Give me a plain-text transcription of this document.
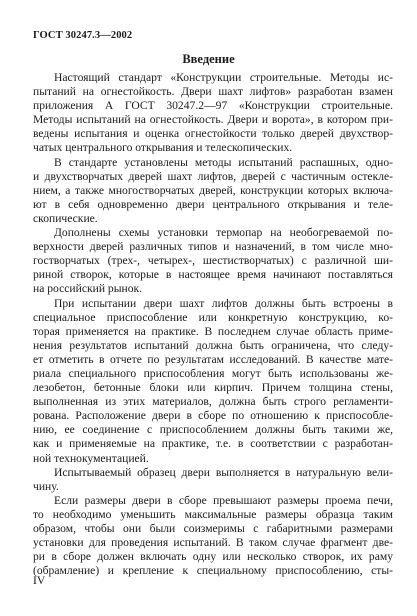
ГОСТ 30247.3—2002
Введение
Настоящий стандарт «Конструкции строительные. Методы ис-
пытаний на огнестойкость. Двери шахт лифтов» разработан взамен
приложения А ГОСТ 30247.2—97 «Конструкции строительные.
Методы испытаний на огнестойкость. Двери и ворота», в котором при-
ведены испытания и оценка огнестойкости только дверей двухствор-
чатых центрального открывания и телескопических.
В стандарте установлены методы испытаний распашных, одно-
и двухстворчатых дверей шахт лифтов, дверей с частичным остекле-
нием, а также многостворчатых дверей, конструкции которых включа-
ют в себя одновременно двери центрального открывания и теле-
скопические.
Дополнены схемы установки термопар на необогреваемой по-
верхности дверей различных типов и назначений, в том числе мно-
гостворчатых (трех-, четырех-, шестистворчатых) с различной ши-
риной створок, которые в настоящее время начинают поставляться
на российский рынок.
При испытании двери шахт лифтов должны быть встроены в
специальное приспособление или конкретную конструкцию, ко-
торая применяется на практике. В последнем случае область приме-
нения результатов испытаний должна быть ограничена, что следу-
ет отметить в отчете по результатам исследований. В качестве мате-
риала специального приспособления могут быть использованы же-
лезобетон, бетонные блоки или кирпич. Причем толщина стены,
выполненная из этих материалов, должна быть строго регламенти-
рована. Расположение двери в сборе по отношению к приспособле-
нию, ее соединение с приспособлением должны быть такими же,
как и применяемые на практике, т.е. в соответствии с разработан-
ной технокументацией.
Испытываемый образец двери выполняется в натуральную вели-
чину.
Если размеры двери в сборе превышают размеры проема печи,
то необходимо уменьшить максимальные размеры образца таким
образом, чтобы они были соизмеримы с габаритными размерами
установки для проведения испытаний. В таком случае фрагмент две-
ри в сборе должен включать одну или несколько створок, их раму
(обрамление) и крепление к специальному приспособлению, сты-
IV
